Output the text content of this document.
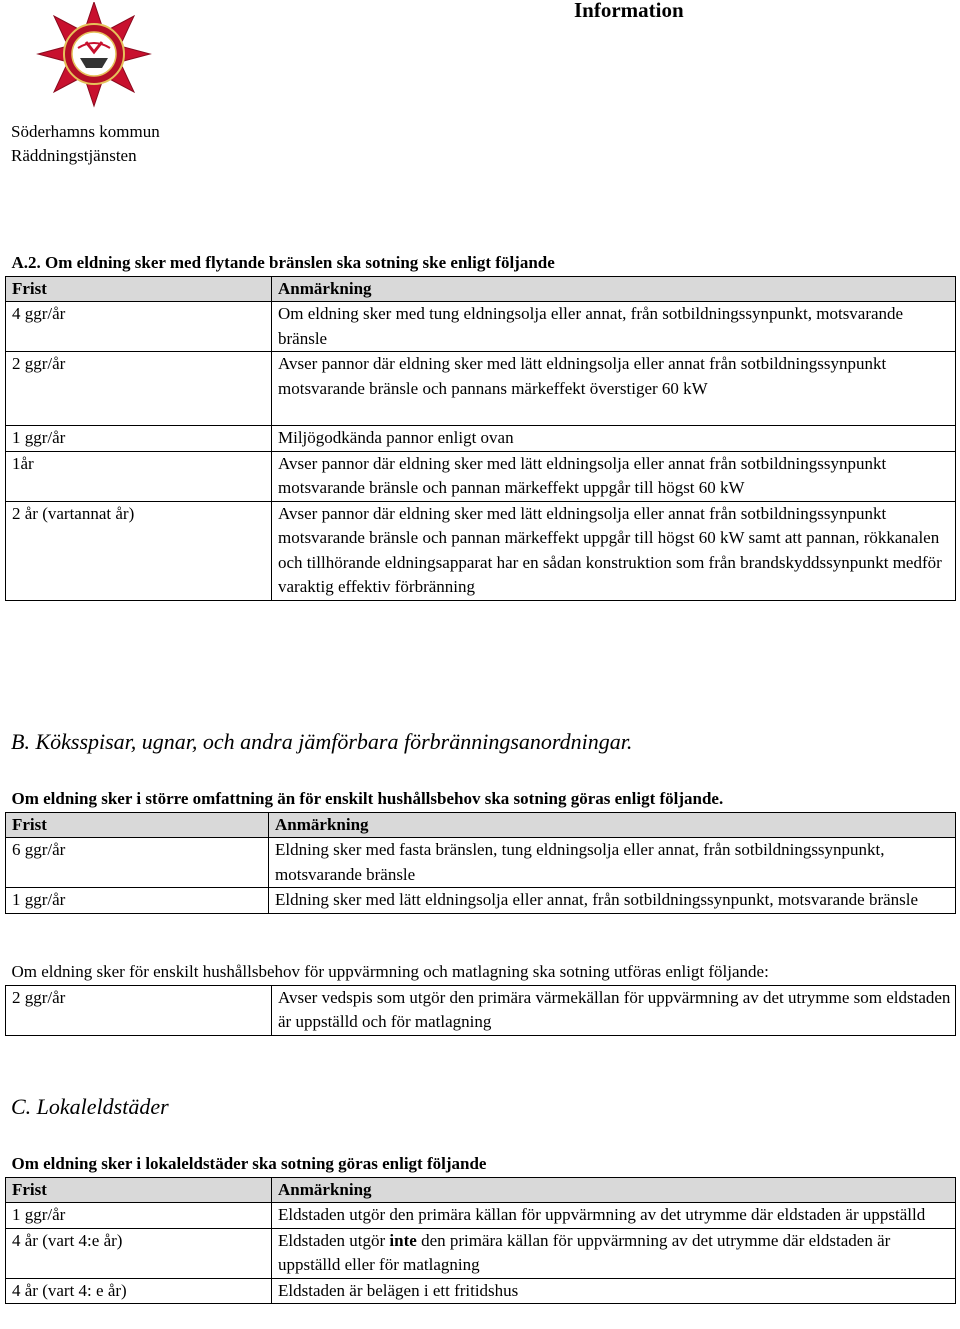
Information
Söderhamns kommun
Räddningstjänsten
A.2. Om eldning sker med flytande bränslen ska sotning ske enligt följande	
Frist	Anmärkning
4 ggr/år	Om eldning sker med tung eldningsolja eller annat, från sotbildningssynpunkt, motsvarande bränsle
2 ggr/år	Avser pannor där eldning sker med lätt eldningsolja eller annat från sotbildningssynpunkt motsvarande bränsle och pannans märkeffekt överstiger 60 kW
1 ggr/år	Miljögodkända pannor enligt ovan
1år	Avser pannor där eldning sker med lätt eldningsolja eller annat från sotbildningssynpunkt motsvarande bränsle och pannan märkeffekt uppgår till högst 60 kW
2 år (vartannat år)	Avser pannor där eldning sker med lätt eldningsolja eller annat från sotbildningssynpunkt motsvarande bränsle och pannan märkeffekt uppgår till högst 60 kW samt att pannan, rökkanalen och tillhörande eldningsapparat har en sådan konstruktion som från brandskyddssynpunkt medför varaktig effektiv förbränning
B. Köksspisar, ugnar, och andra jämförbara förbränningsanordningar.
Om eldning sker i större omfattning än för enskilt hushållsbehov ska sotning göras enligt följande.	
Frist	Anmärkning
6 ggr/år	Eldning sker med fasta bränslen, tung eldningsolja eller annat, från sotbildningssynpunkt, motsvarande bränsle
1 ggr/år	Eldning sker med lätt eldningsolja eller annat, från sotbildningssynpunkt, motsvarande bränsle
Om eldning sker för enskilt hushållsbehov för uppvärmning och matlagning ska sotning utföras enligt följande:
2 ggr/år	Avser vedspis som utgör den primära värmekällan för uppvärmning av det utrymme som eldstaden är uppställd och för matlagning
C. Lokaleldstäder
Om eldning sker i lokaleldstäder ska sotning göras enligt följande	
Frist	Anmärkning
1 ggr/år	Eldstaden utgör den primära källan för uppvärmning av det utrymme där eldstaden är uppställd
4 år (vart 4:e år)	Eldstaden utgör inte den primära källan för uppvärmning av det utrymme där eldstaden är uppställd eller för matlagning
4 år (vart 4: e år)	Eldstaden är belägen i ett fritidshus
